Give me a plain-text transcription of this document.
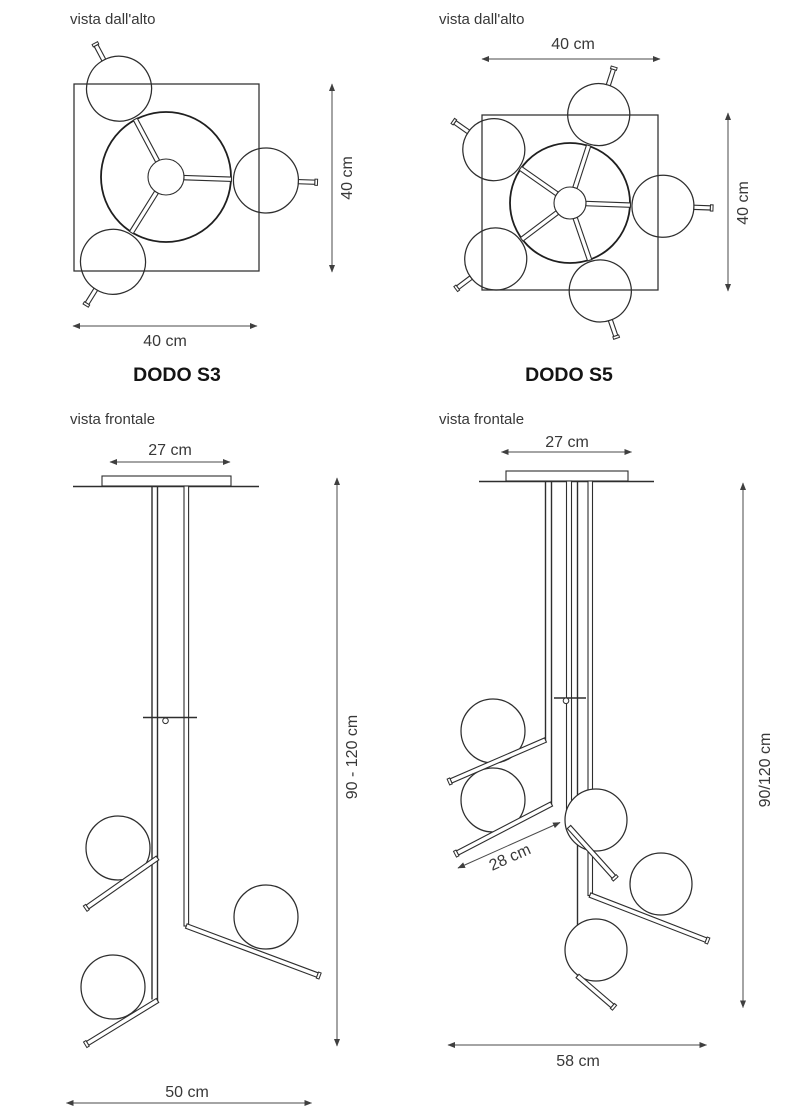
vista dall'alto
40 cm
40 cm
DODO S3
vista dall'alto
40 cm
40 cm
DODO S5
vista frontale
27 cm
90 - 120 cm
50 cm
vista frontale
27 cm
28 cm
90/120 cm
58 cm
